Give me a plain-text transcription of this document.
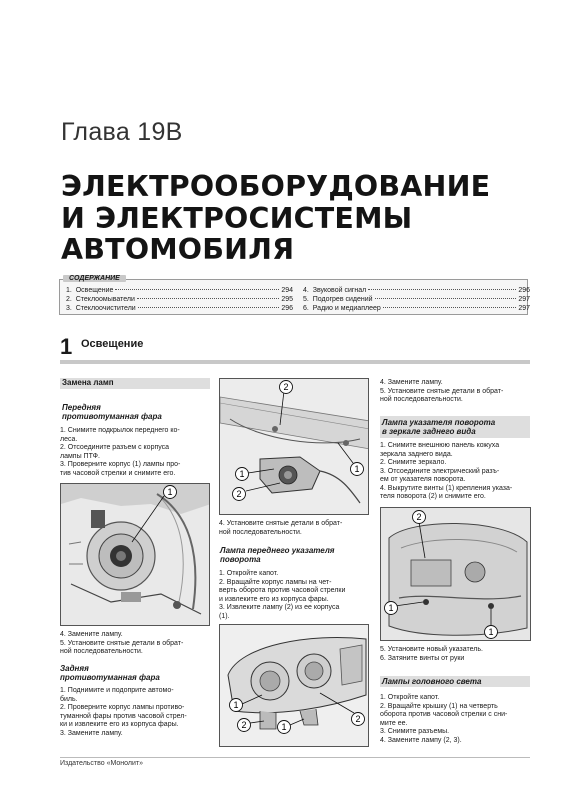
Глава 19В
ЭЛЕКТРООБОРУДОВАНИЕ
И ЭЛЕКТРОСИСТЕМЫ
АВТОМОБИЛЯ
СОДЕРЖАНИЕ
1.
Освещение	294
2.
Стеклоомыватели	295
3.
Стеклоочистители	296
4.
Звуковой сигнал	296
5.
Подогрев сидений	297
6.
Радио и медиаплеер	297
1 Освещение
Замена ламп
Передняя
противотуманная фара
1. Снимите подкрылок переднего ко-
лeса.
2. Отсоедините разъем с корпуса
лампы ПТФ.
3. Проверните корпус (1) лампы про-
тив часовой стрелки и снимите его.
1
4. Замените лампу.
5. Установите снятые детали в обрат-
ной последовательности.
Задняя
противотуманная фара
1. Поднимите и подоприте автомо-
биль.
2. Проверните корпус лампы противо-
туманной фары против часовой стрел-
ки и извлеките его из корпуса фары.
3. Замените лампу.
1
2
1
2
4. Установите снятые детали в обрат-
ной последовательности.
Лампа переднего указателя
поворота
1. Откройте капот.
2. Вращайте корпус лампы на чет-
верть оборота против часовой стрелки
и извлеките его из корпуса фары.
3. Извлеките лампу (2) из ее корпуса
(1).
1
2	1
2
4. Замените лампу.
5. Установите снятые детали в обрат-
ной последовательности.
Лампа указателя поворота
в зеркале заднего вида
1. Снимите внешнюю панель кожуха
зеркала заднего вида.
2. Снимите зеркало.
3. Отсоедините электрический разъ-
ем от указателя поворота.
4. Выкрутите винты (1) крепления указа-
теля поворота (2) и снимите его.
2
1
1
5. Установите новый указатель.
6. Затяните винты от руки
Лампы головного света
1. Откройте капот.
2. Вращайте крышку (1) на четверть
оборота против часовой стрелки с сни-
мите ее.
3. Снимите разъемы.
4. Замените лампу (2, 3).
Издательство «Монолит»
